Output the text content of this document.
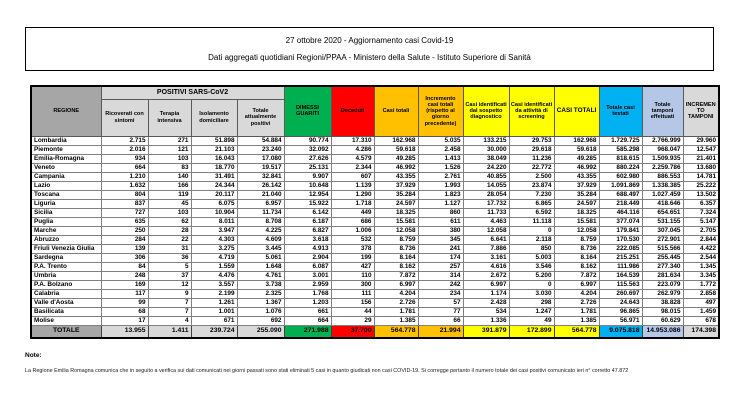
27 ottobre 2020 - Aggiornamento casi Covid-19
Dati aggregati quotidiani Regioni/PPAA - Ministero della Salute - Istituto Superiore di Sanità
REGIONE	POSITIVI SARS-CoV2				DIMESSI GUARITI	Deceduti	Casi totali	Incremento casi totali (rispetto al giorno precedente)	Casi identificati dal sospetto diagnostico	Casi identificati da attività di screening	CASI TOTALI	Totale casi testati	Totale tamponi effettuati	INCREMENTO TAMPONI
	Ricoverati con sintomi	Terapia intensiva	Isolamento domiciliare	Totale attualmente positivi										
Lombardia	2.715	271	51.898	54.884	90.774	17.310	162.968	5.035	133.215	29.753	162.968	1.729.725	2.766.999	29.960
Piemonte	2.016	121	21.103	23.240	32.092	4.286	59.618	2.458	30.000	29.618	59.618	585.298	968.047	12.547
Emilia-Romagna	934	103	16.043	17.080	27.626	4.579	49.285	1.413	38.049	11.236	49.285	818.615	1.509.935	21.401
Veneto	664	83	18.770	19.517	25.131	2.344	46.992	1.526	24.220	22.772	46.992	880.224	2.259.786	13.680
Campania	1.210	140	31.491	32.841	9.907	607	43.355	2.761	40.855	2.500	43.355	602.980	886.553	14.781
Lazio	1.632	166	24.344	26.142	10.648	1.139	37.929	1.993	14.055	23.874	37.929	1.091.869	1.338.385	25.222
Toscana	804	119	20.117	21.040	12.954	1.290	35.284	1.823	28.054	7.230	35.284	688.497	1.027.459	13.502
Liguria	837	45	6.075	6.957	15.922	1.718	24.597	1.127	17.732	6.865	24.597	218.449	418.646	6.357
Sicilia	727	103	10.904	11.734	6.142	449	18.325	860	11.733	6.592	18.325	464.116	654.651	7.324
Puglia	635	62	8.011	8.708	6.187	686	15.581	611	4.463	11.118	15.581	377.074	531.155	5.147
Marche	250	28	3.947	4.225	6.827	1.006	12.058	380	12.058	0	12.058	179.841	307.045	2.705
Abruzzo	284	22	4.303	4.609	3.618	532	8.759	345	6.641	2.118	8.759	170.530	272.901	2.844
Friuli Venezia Giulia	139	31	3.275	3.445	4.913	378	8.736	241	7.886	850	8.736	222.085	515.566	4.422
Sardegna	306	36	4.719	5.061	2.904	199	8.164	174	3.161	5.003	8.164	215.251	255.445	2.544
P.A. Trento	84	5	1.559	1.648	6.087	427	8.162	257	4.616	3.546	8.162	111.986	277.340	1.345
Umbria	248	37	4.476	4.761	3.001	110	7.872	314	2.672	5.200	7.872	164.539	281.634	3.345
P.A. Bolzano	169	12	3.557	3.738	2.959	300	6.997	242	6.997	0	6.997	115.563	223.079	1.772
Calabria	117	9	2.199	2.325	1.768	111	4.204	234	1.174	3.030	4.204	260.697	262.979	2.858
Valle d'Aosta	99	7	1.261	1.367	1.203	156	2.726	57	2.428	298	2.726	24.643	38.828	497
Basilicata	68	7	1.001	1.076	661	44	1.781	77	534	1.247	1.781	96.865	98.015	1.459
Molise	17	4	671	692	664	29	1.385	66	1.336	49	1.385	56.971	60.629	678
TOTALE	13.955	1.411	239.724	255.090	271.988	37.700	564.778	21.994	391.879	172.899	564.778	9.075.818	14.953.086	174.398
Note:
La Regione Emilia Romagna comunica che in seguito a verifica sui dati comunicati nei giorni passati sono stati eliminati 5 casi in quanto giudicati non casi COVID-19. Si corregge pertanto il numero totale dei casi positivi comunicato ieri n° corretto 47.872
